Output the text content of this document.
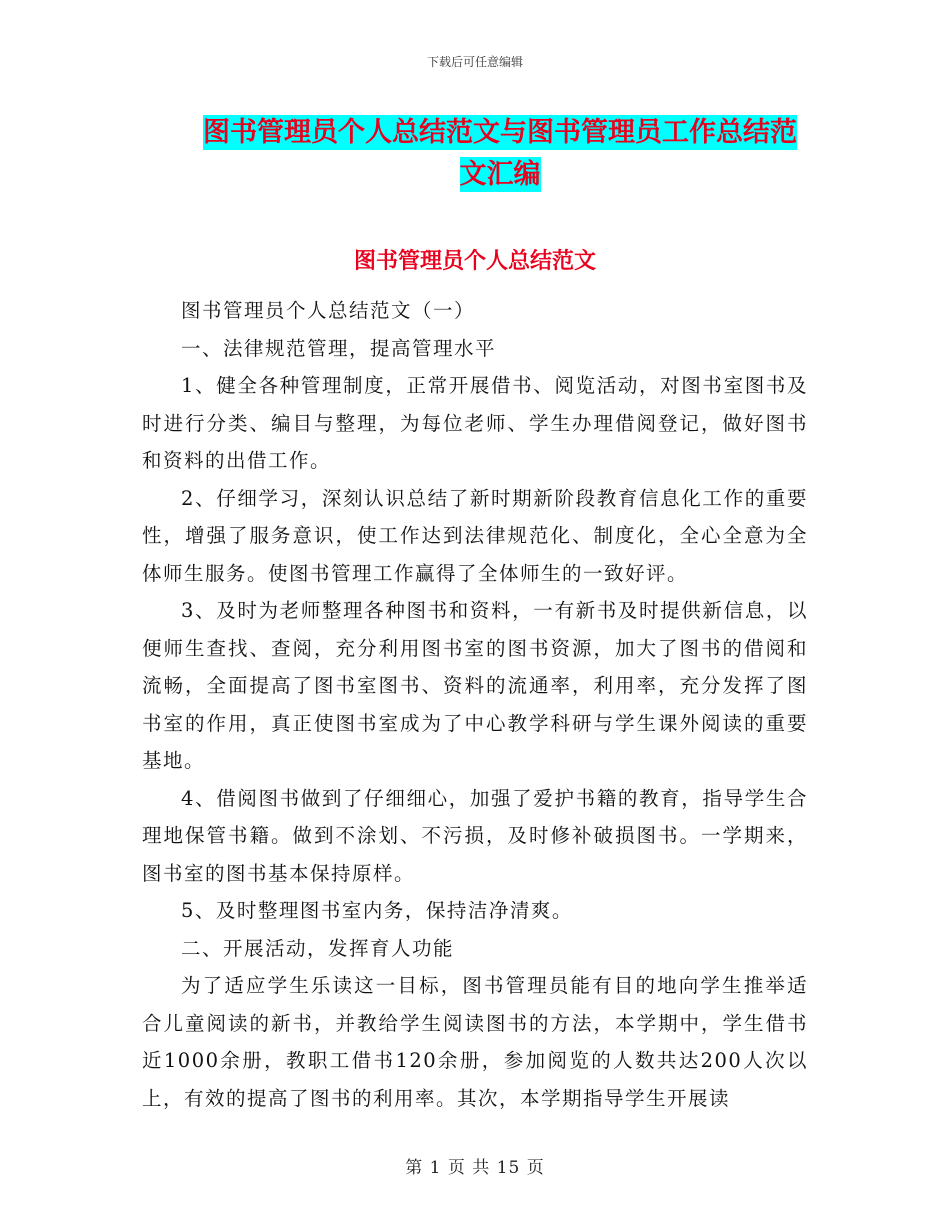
下载后可任意编辑
图书管理员个人总结范文与图书管理员工作总结范文汇编
图书管理员个人总结范文

图书管理员个人总结范文（一）

一、法律规范管理，提高管理水平

1、健全各种管理制度，正常开展借书、阅览活动，对图书室图书及时进行分类、编目与整理，为每位老师、学生办理借阅登记，做好图书和资料的出借工作。

2、仔细学习，深刻认识总结了新时期新阶段教育信息化工作的重要性，增强了服务意识，使工作达到法律规范化、制度化，全心全意为全体师生服务。使图书管理工作赢得了全体师生的一致好评。

3、及时为老师整理各种图书和资料，一有新书及时提供新信息，以便师生查找、查阅，充分利用图书室的图书资源，加大了图书的借阅和流畅，全面提高了图书室图书、资料的流通率，利用率，充分发挥了图书室的作用，真正使图书室成为了中心教学科研与学生课外阅读的重要基地。

4、借阅图书做到了仔细细心，加强了爱护书籍的教育，指导学生合理地保管书籍。做到不涂划、不污损，及时修补破损图书。一学期来，图书室的图书基本保持原样。

5、及时整理图书室内务，保持洁净清爽。

二、开展活动，发挥育人功能

为了适应学生乐读这一目标，图书管理员能有目的地向学生推举适合儿童阅读的新书，并教给学生阅读图书的方法，本学期中，学生借书近1000余册，教职工借书120余册，参加阅览的人数共达200人次以上，有效的提高了图书的利用率。其次，本学期指导学生开展读

第 1 页 共 15 页
